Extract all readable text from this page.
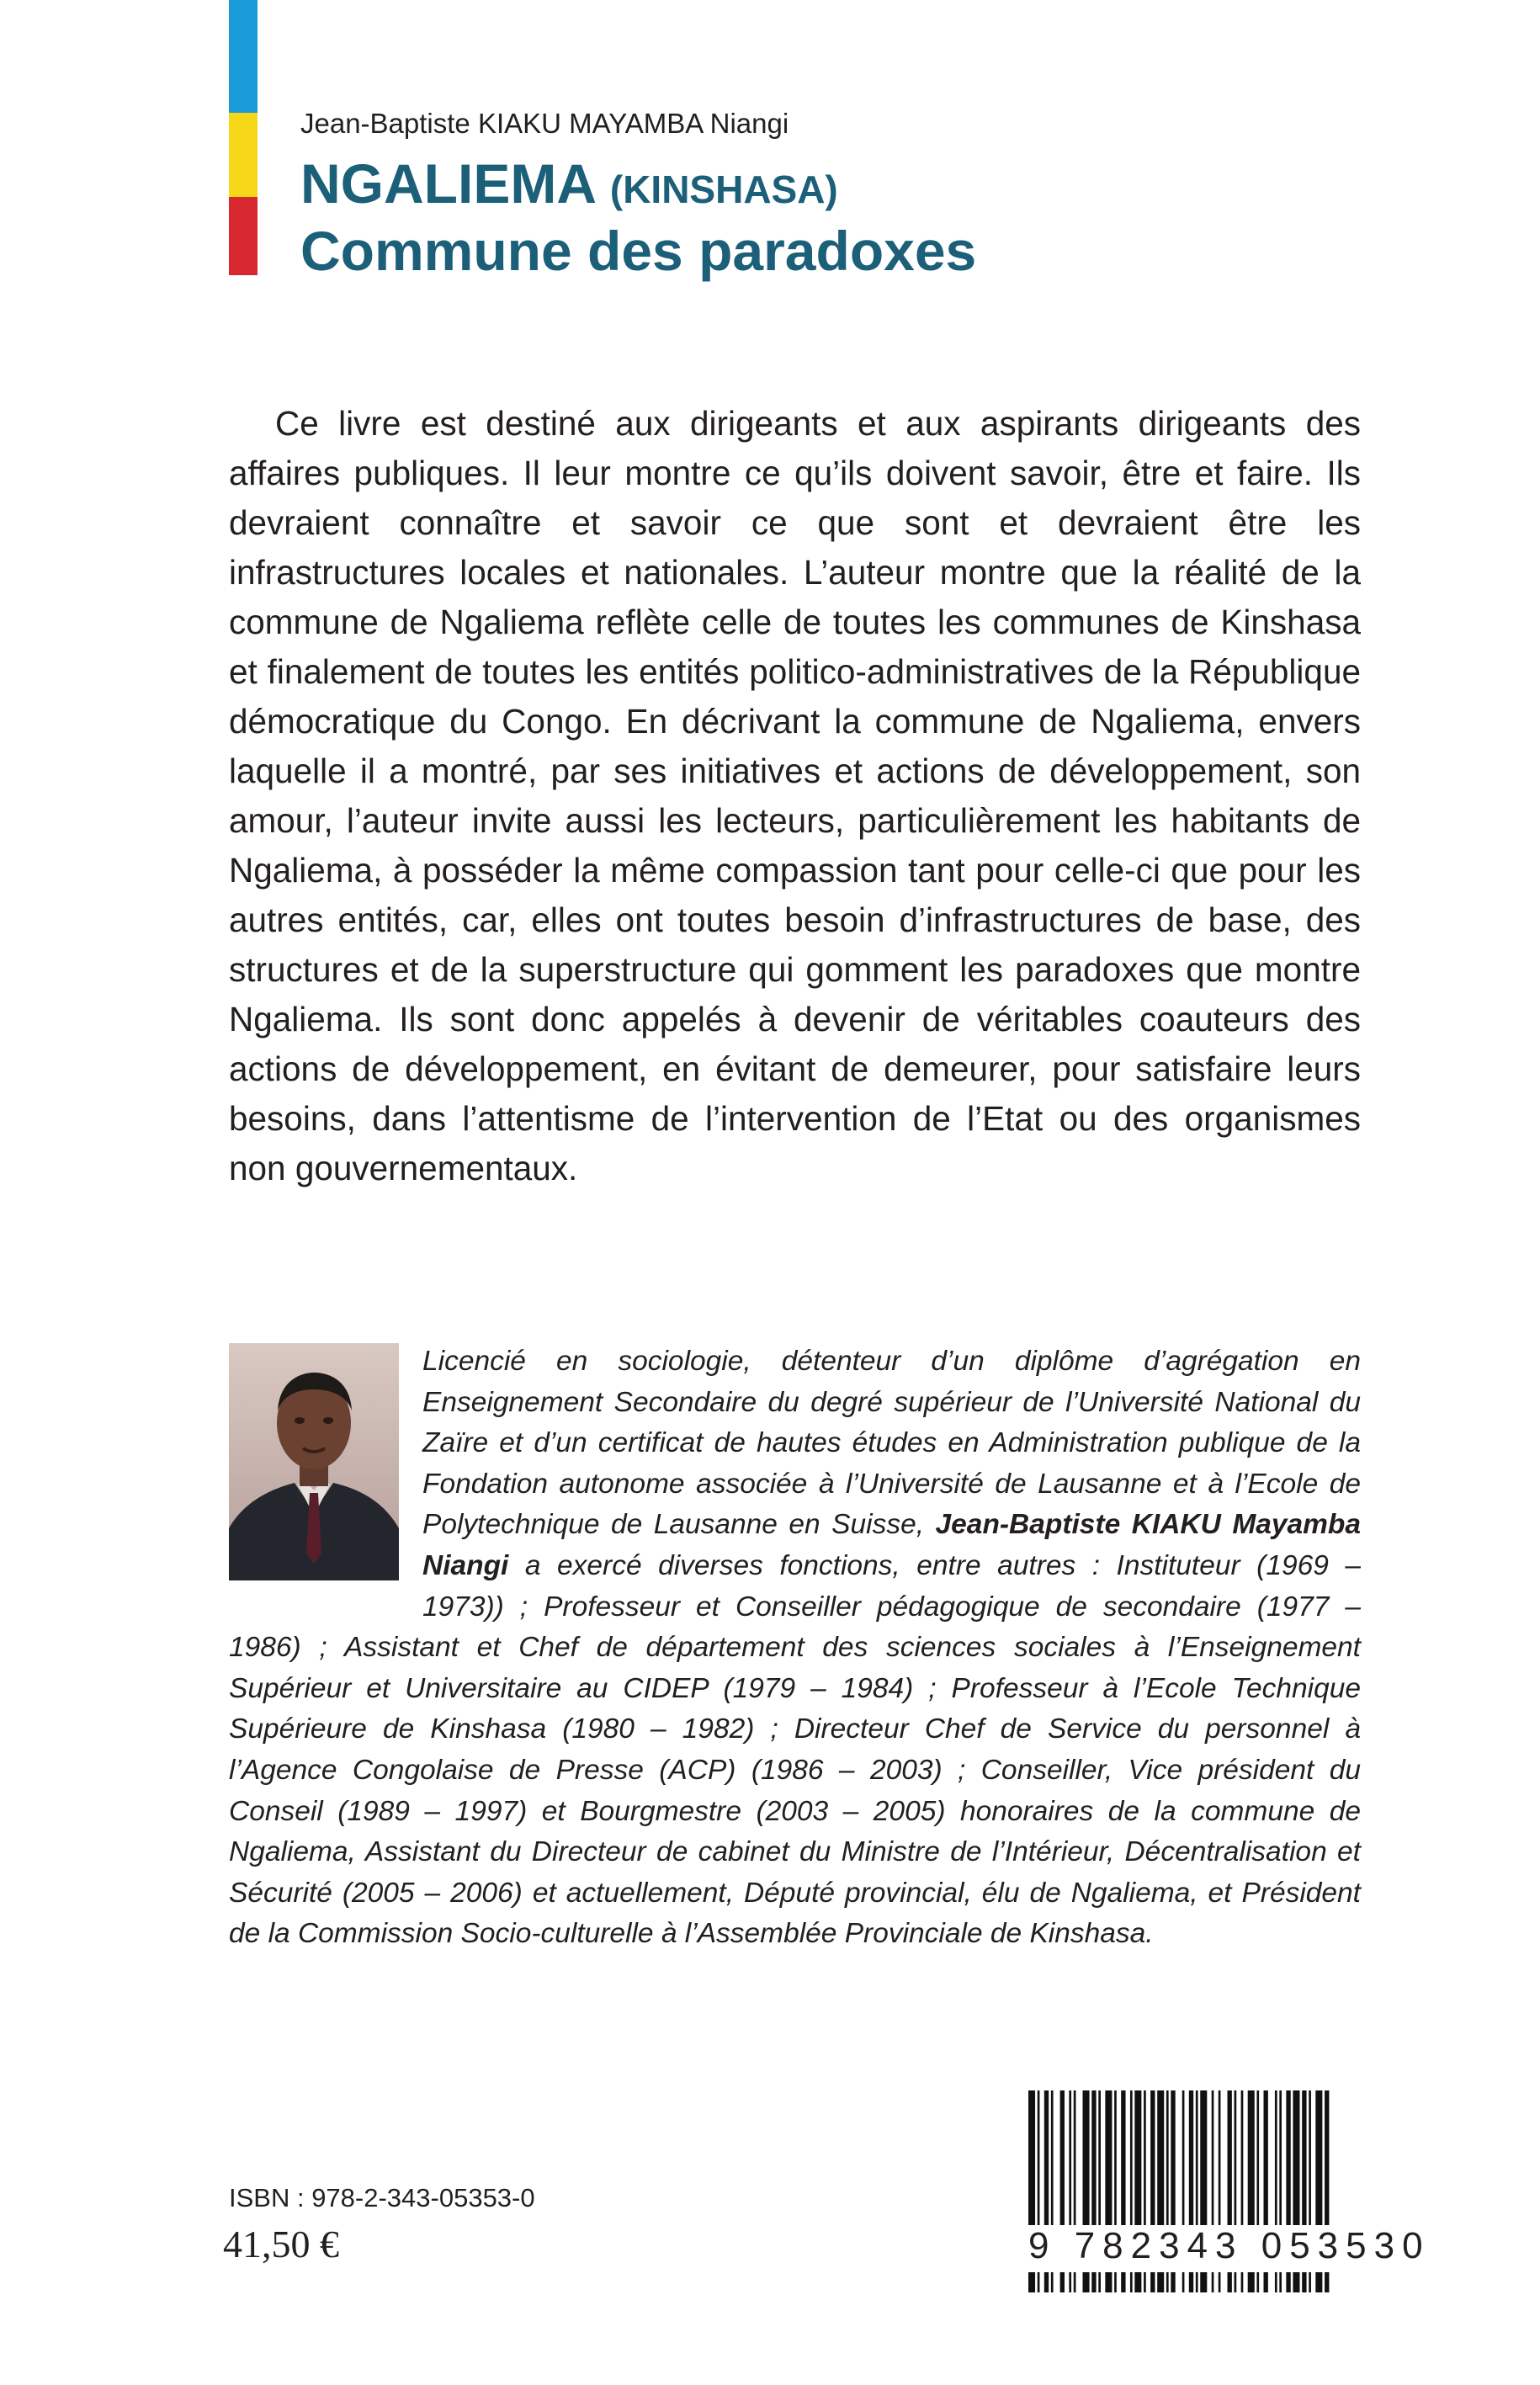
Jean-Baptiste KIAKU MAYAMBA Niangi
NGALIEMA (KINSHASA)
Commune des paradoxes

Ce livre est destiné aux dirigeants et aux aspirants dirigeants des affaires publiques. Il leur montre ce qu’ils doivent savoir, être et faire. Ils devraient connaître et savoir ce que sont et devraient être les infrastructures locales et nationales. L’auteur montre que la réalité de la commune de Ngaliema reflète celle de toutes les communes de Kinshasa et finalement de toutes les entités politico-administratives de la République démocratique du Congo. En décrivant la commune de Ngaliema, envers laquelle il a montré, par ses initiatives et actions de développement, son amour, l’auteur invite aussi les lecteurs, particulièrement les habitants de Ngaliema, à posséder la même compassion tant pour celle-ci que pour les autres entités, car, elles ont toutes besoin d’infrastructures de base, des structures et de la superstructure qui gomment les paradoxes que montre Ngaliema. Ils sont donc appelés à devenir de véritables coauteurs des actions de développement, en évitant de demeurer, pour satisfaire leurs besoins, dans l’attentisme de l’intervention de l’Etat ou des organismes non gouvernementaux.

Licencié en sociologie, détenteur d’un diplôme d’agrégation en Enseignement Secondaire du degré supérieur de l’Université National du Zaïre et d’un certificat de hautes études en Administration publique de la Fondation autonome associée à l’Université de Lausanne et à l’Ecole de Polytechnique de Lausanne en Suisse, Jean-Baptiste KIAKU Mayamba Niangi a exercé diverses fonctions, entre autres : Instituteur (1969 – 1973)) ; Professeur et Conseiller pédagogique de secondaire (1977 – 1986) ; Assistant et Chef de département des sciences sociales à l’Enseignement Supérieur et Universitaire au CIDEP (1979 – 1984) ; Professeur à l’Ecole Technique Supérieure de Kinshasa (1980 – 1982) ; Directeur Chef de Service du personnel à l’Agence Congolaise de Presse (ACP) (1986 – 2003) ; Conseiller, Vice président du Conseil (1989 – 1997) et Bourgmestre (2003 – 2005) honoraires de la commune de Ngaliema, Assistant du Directeur de cabinet du Ministre de l’Intérieur, Décentralisation et Sécurité (2005 – 2006) et actuellement, Député provincial, élu de Ngaliema, et Président de la Commission Socio-culturelle à l’Assemblée Provinciale de Kinshasa.

ISBN : 978-2-343-05353-0
41,50 €	9 782343 053530
